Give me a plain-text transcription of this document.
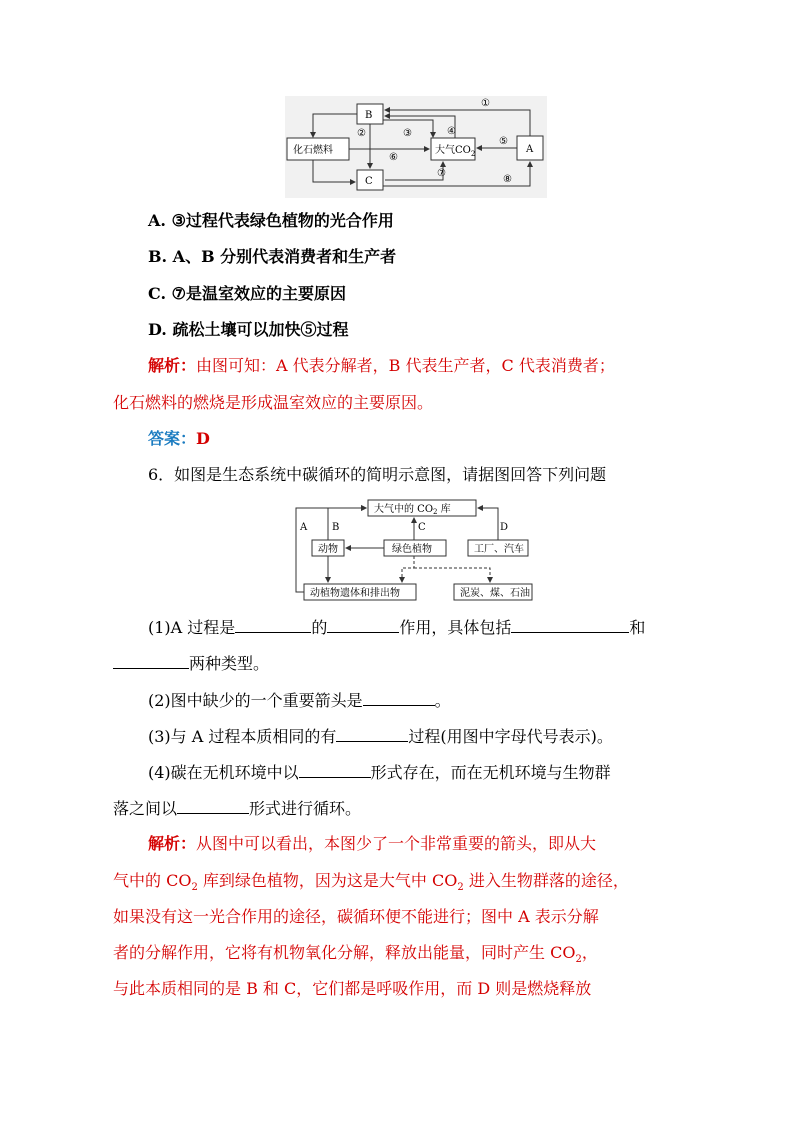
B
化石燃料	大气$CO_2$	A
C
①
②	③	④
⑤
⑥
⑦
⑧
A. ③过程代表绿色植物的光合作用
B. A、B 分别代表消费者和生产者
C. ⑦是温室效应的主要原因
D. 疏松土壤可以加快⑤过程
解析：由图可知：A 代表分解者，B 代表生产者，C 代表消费者；
化石燃料的燃烧是形成温室效应的主要原因。
答案：D
6．如图是生态系统中碳循环的简明示意图，请据图回答下列问题
大气中的 $CO_2$ 库
动物	绿色植物	工厂、汽车
动植物遗体和排出物	泥炭、煤、石油
A B	C	D
(1)A 过程是	的	作用，具体包括	和
两种类型。
(2)图中缺少的一个重要箭头是	。
(3)与 A 过程本质相同的有	过程(用图中字母代号表示)。
(4)碳在无机环境中以	形式存在，而在无机环境与生物群
落之间以	形式进行循环。
解析：从图中可以看出，本图少了一个非常重要的箭头，即从大
气中的 $CO_2$ 库到绿色植物，因为这是大气中 $CO_2$ 进入生物群落的途径，
如果没有这一光合作用的途径，碳循环便不能进行；图中 A 表示分解
者的分解作用，它将有机物氧化分解，释放出能量，同时产生 $CO_2$，
与此本质相同的是 B 和 C，它们都是呼吸作用，而 D 则是燃烧释放
